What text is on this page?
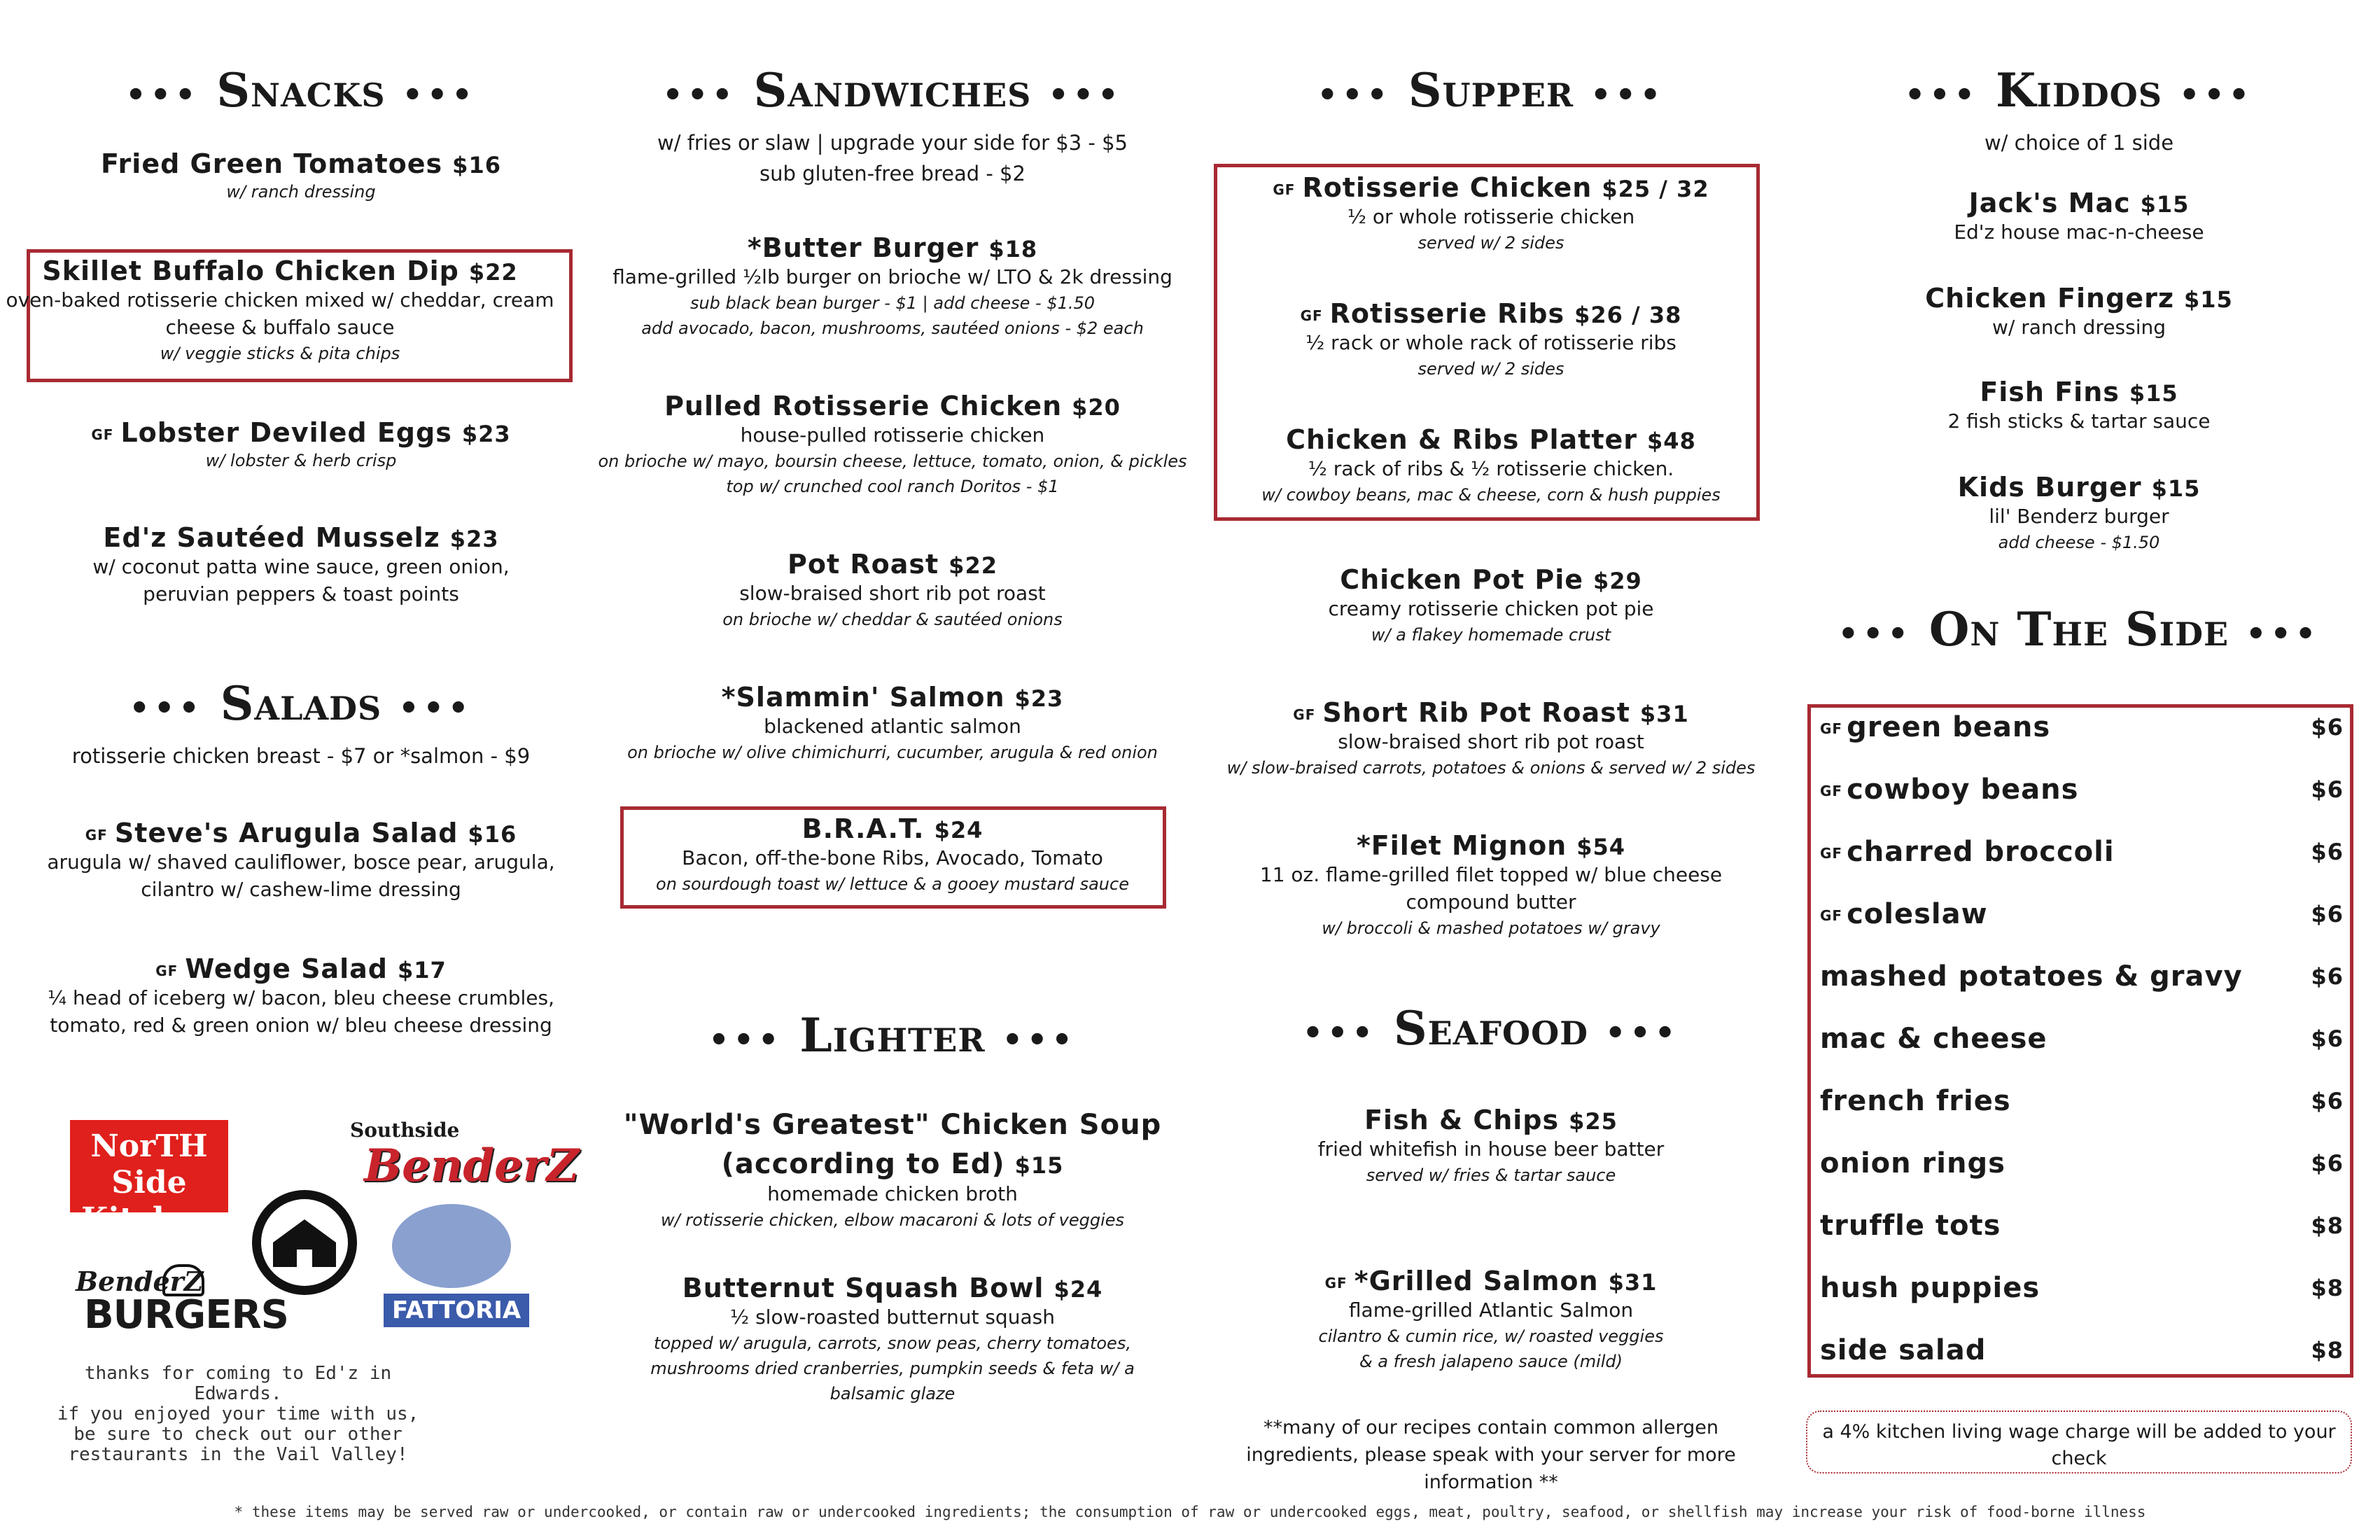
••• Snacks •••
Fried Green Tomatoes $16
w/ ranch dressing
Skillet Buffalo Chicken Dip $22
oven-baked rotisserie chicken mixed w/ cheddar, cream
cheese & buffalo sauce
w/ veggie sticks & pita chips
GF Lobster Deviled Eggs $23
w/ lobster & herb crisp
Ed'z Sautéed Musselz $23
w/ coconut patta wine sauce, green onion,
peruvian peppers & toast points
••• Salads •••
rotisserie chicken breast - $7 or *salmon - $9
GF Steve's Arugula Salad $16
arugula w/ shaved cauliflower, bosce pear, arugula,
cilantro w/ cashew-lime dressing
GF Wedge Salad $17
¼ head of iceberg w/ bacon, bleu cheese crumbles,
tomato, red & green onion w/ bleu cheese dressing
NorTH Side
Kitchen
Southside
BenderZ
FATTORIA
BenderZ
BURGERS
thanks for coming to Ed'z in Edwards.
if you enjoyed your time with us,
be sure to check out our other
restaurants in the Vail Valley!
••• Sandwiches •••
w/ fries or slaw | upgrade your side for $3 - $5
sub gluten-free bread - $2
*Butter Burger $18
flame-grilled ½lb burger on brioche w/ LTO & 2k dressing
sub black bean burger - $1 | add cheese - $1.50
add avocado, bacon, mushrooms, sautéed onions - $2 each
Pulled Rotisserie Chicken $20
house-pulled rotisserie chicken
on brioche w/ mayo, boursin cheese, lettuce, tomato, onion, & pickles
top w/ crunched cool ranch Doritos - $1
Pot Roast $22
slow-braised short rib pot roast
on brioche w/ cheddar & sautéed onions
*Slammin' Salmon $23
blackened atlantic salmon
on brioche w/ olive chimichurri, cucumber, arugula & red onion
B.R.A.T. $24
Bacon, off-the-bone Ribs, Avocado, Tomato
on sourdough toast w/ lettuce & a gooey mustard sauce
••• Lighter •••
"World's Greatest" Chicken Soup
(according to Ed) $15
homemade chicken broth
w/ rotisserie chicken, elbow macaroni & lots of veggies
Butternut Squash Bowl $24
½ slow-roasted butternut squash
topped w/ arugula, carrots, snow peas, cherry tomatoes,
mushrooms dried cranberries, pumpkin seeds & feta w/ a
balsamic glaze
••• Supper •••
GF Rotisserie Chicken $25 / 32
½ or whole rotisserie chicken
served w/ 2 sides
GF Rotisserie Ribs $26 / 38
½ rack or whole rack of rotisserie ribs
served w/ 2 sides
Chicken & Ribs Platter $48
½ rack of ribs & ½ rotisserie chicken.
w/ cowboy beans, mac & cheese, corn & hush puppies
Chicken Pot Pie $29
creamy rotisserie chicken pot pie
w/ a flakey homemade crust
GF Short Rib Pot Roast $31
slow-braised short rib pot roast
w/ slow-braised carrots, potatoes & onions & served w/ 2 sides
*Filet Mignon $54
11 oz. flame-grilled filet topped w/ blue cheese
compound butter
w/ broccoli & mashed potatoes w/ gravy
••• Seafood •••
Fish & Chips $25
fried whitefish in house beer batter
served w/ fries & tartar sauce
GF *Grilled Salmon $31
flame-grilled Atlantic Salmon
cilantro & cumin rice, w/ roasted veggies
& a fresh jalapeno sauce (mild)
**many of our recipes contain common allergen
ingredients, please speak with your server for more
information **
••• Kiddos •••
w/ choice of 1 side
Jack's Mac $15
Ed'z house mac-n-cheese
Chicken Fingerz $15
w/ ranch dressing
Fish Fins $15
2 fish sticks & tartar sauce
Kids Burger $15
lil' Benderz burger
add cheese - $1.50
••• On The Side •••
GF green beans	$6
GF cowboy beans	$6
GF charred broccoli	$6
GF coleslaw	$6
mashed potatoes & gravy	$6
mac & cheese	$6
french fries	$6
onion rings	$6
truffle tots	$8
hush puppies	$8
side salad	$8
a 4% kitchen living wage charge will be added to your check
* these items may be served raw or undercooked, or contain raw or undercooked ingredients; the consumption of raw or undercooked eggs, meat, poultry, seafood, or shellfish may increase your risk of food-borne illness
